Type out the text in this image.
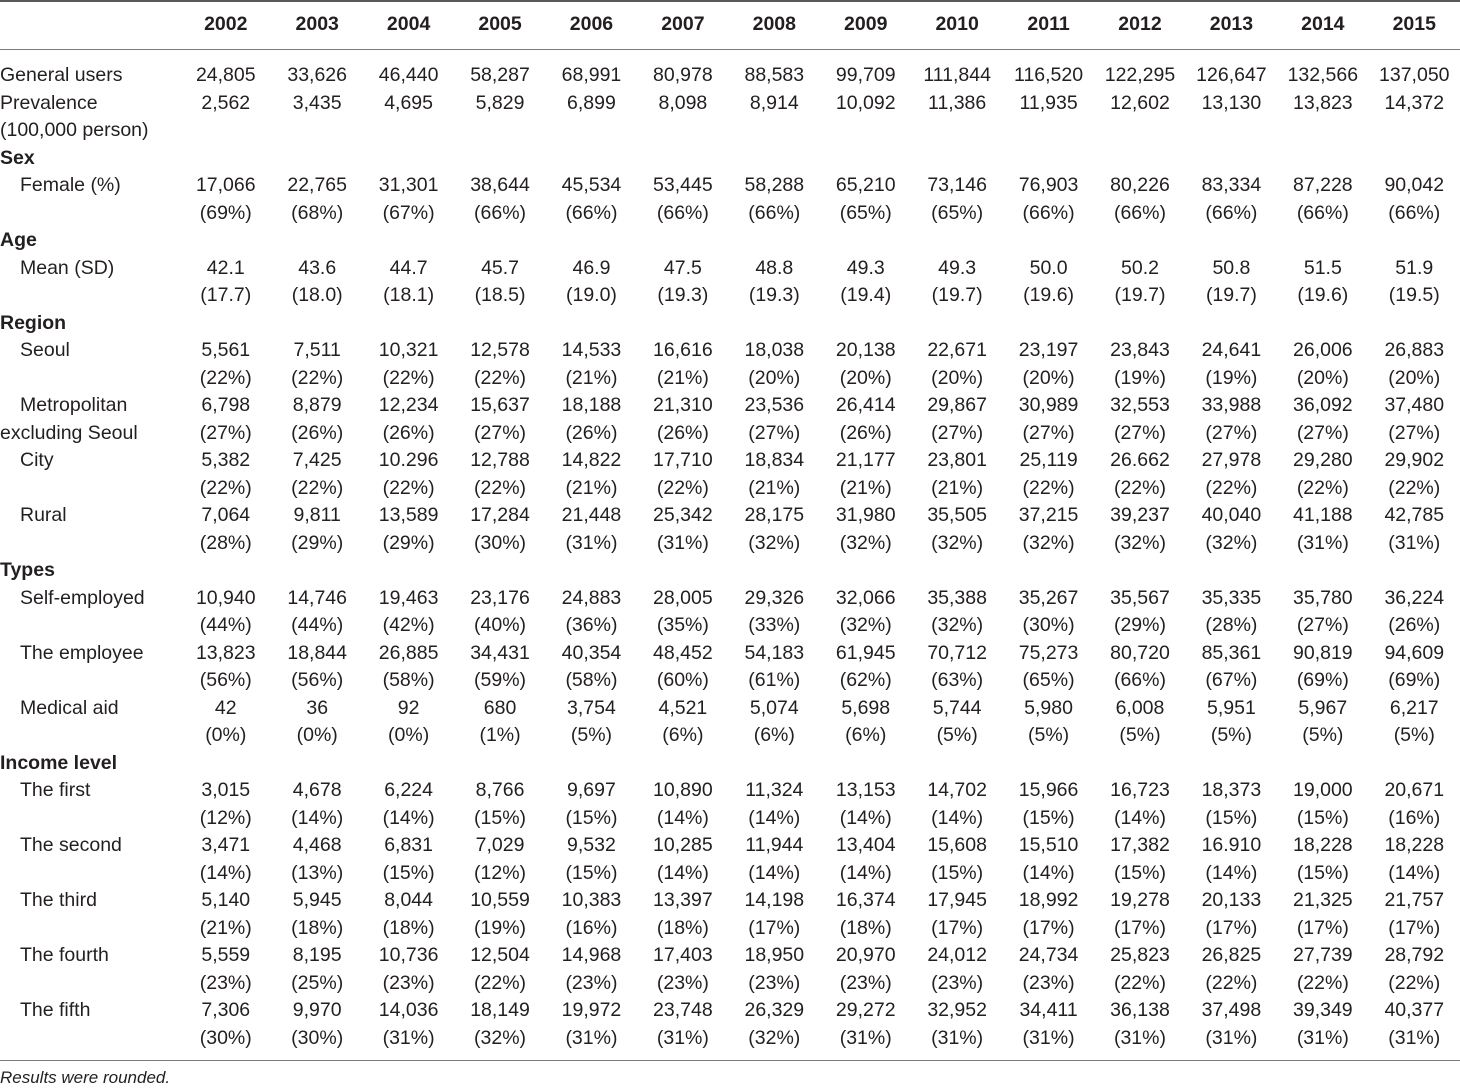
	2002	2003	2004	2005	2006	2007	2008	2009	2010	2011	2012	2013	2014	2015

General users	24,805	33,626	46,440	58,287	68,991	80,978	88,583	99,709	111,844	116,520	122,295	126,647	132,566	137,050
Prevalence	2,562	3,435	4,695	5,829	6,899	8,098	8,914	10,092	11,386	11,935	12,602	13,130	13,823	14,372
(100,000 person)														
Sex														
Female (%)	17,066	22,765	31,301	38,644	45,534	53,445	58,288	65,210	73,146	76,903	80,226	83,334	87,228	90,042
	(69%)	(68%)	(67%)	(66%)	(66%)	(66%)	(66%)	(65%)	(65%)	(66%)	(66%)	(66%)	(66%)	(66%)
Age														
Mean (SD)	42.1	43.6	44.7	45.7	46.9	47.5	48.8	49.3	49.3	50.0	50.2	50.8	51.5	51.9
	(17.7)	(18.0)	(18.1)	(18.5)	(19.0)	(19.3)	(19.3)	(19.4)	(19.7)	(19.6)	(19.7)	(19.7)	(19.6)	(19.5)
Region														
Seoul	5,561	7,511	10,321	12,578	14,533	16,616	18,038	20,138	22,671	23,197	23,843	24,641	26,006	26,883
	(22%)	(22%)	(22%)	(22%)	(21%)	(21%)	(20%)	(20%)	(20%)	(20%)	(19%)	(19%)	(20%)	(20%)
Metropolitan	6,798	8,879	12,234	15,637	18,188	21,310	23,536	26,414	29,867	30,989	32,553	33,988	36,092	37,480
excluding Seoul	(27%)	(26%)	(26%)	(27%)	(26%)	(26%)	(27%)	(26%)	(27%)	(27%)	(27%)	(27%)	(27%)	(27%)
City	5,382	7,425	10.296	12,788	14,822	17,710	18,834	21,177	23,801	25,119	26.662	27,978	29,280	29,902
	(22%)	(22%)	(22%)	(22%)	(21%)	(22%)	(21%)	(21%)	(21%)	(22%)	(22%)	(22%)	(22%)	(22%)
Rural	7,064	9,811	13,589	17,284	21,448	25,342	28,175	31,980	35,505	37,215	39,237	40,040	41,188	42,785
	(28%)	(29%)	(29%)	(30%)	(31%)	(31%)	(32%)	(32%)	(32%)	(32%)	(32%)	(32%)	(31%)	(31%)
Types														
Self-employed	10,940	14,746	19,463	23,176	24,883	28,005	29,326	32,066	35,388	35,267	35,567	35,335	35,780	36,224
	(44%)	(44%)	(42%)	(40%)	(36%)	(35%)	(33%)	(32%)	(32%)	(30%)	(29%)	(28%)	(27%)	(26%)
The employee	13,823	18,844	26,885	34,431	40,354	48,452	54,183	61,945	70,712	75,273	80,720	85,361	90,819	94,609
	(56%)	(56%)	(58%)	(59%)	(58%)	(60%)	(61%)	(62%)	(63%)	(65%)	(66%)	(67%)	(69%)	(69%)
Medical aid	42	36	92	680	3,754	4,521	5,074	5,698	5,744	5,980	6,008	5,951	5,967	6,217
	(0%)	(0%)	(0%)	(1%)	(5%)	(6%)	(6%)	(6%)	(5%)	(5%)	(5%)	(5%)	(5%)	(5%)
Income level														
The first	3,015	4,678	6,224	8,766	9,697	10,890	11,324	13,153	14,702	15,966	16,723	18,373	19,000	20,671
	(12%)	(14%)	(14%)	(15%)	(15%)	(14%)	(14%)	(14%)	(14%)	(15%)	(14%)	(15%)	(15%)	(16%)
The second	3,471	4,468	6,831	7,029	9,532	10,285	11,944	13,404	15,608	15,510	17,382	16.910	18,228	18,228
	(14%)	(13%)	(15%)	(12%)	(15%)	(14%)	(14%)	(14%)	(15%)	(14%)	(15%)	(14%)	(15%)	(14%)
The third	5,140	5,945	8,044	10,559	10,383	13,397	14,198	16,374	17,945	18,992	19,278	20,133	21,325	21,757
	(21%)	(18%)	(18%)	(19%)	(16%)	(18%)	(17%)	(18%)	(17%)	(17%)	(17%)	(17%)	(17%)	(17%)
The fourth	5,559	8,195	10,736	12,504	14,968	17,403	18,950	20,970	24,012	24,734	25,823	26,825	27,739	28,792
	(23%)	(25%)	(23%)	(22%)	(23%)	(23%)	(23%)	(23%)	(23%)	(23%)	(22%)	(22%)	(22%)	(22%)
The fifth	7,306	9,970	14,036	18,149	19,972	23,748	26,329	29,272	32,952	34,411	36,138	37,498	39,349	40,377
	(30%)	(30%)	(31%)	(32%)	(31%)	(31%)	(32%)	(31%)	(31%)	(31%)	(31%)	(31%)	(31%)	(31%)
Results were rounded.
